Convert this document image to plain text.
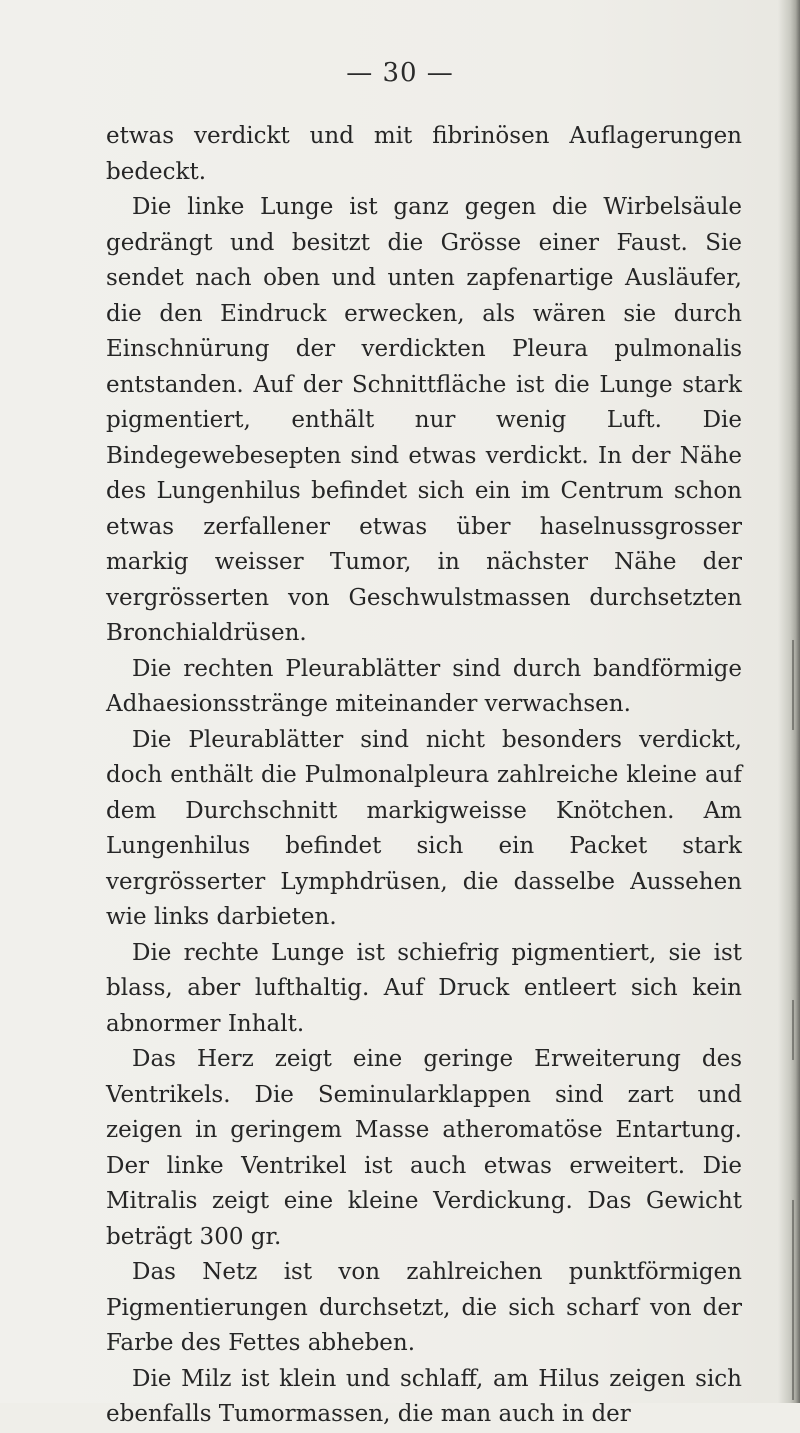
— 30 —

etwas verdickt und mit fibrinösen Auflagerungen bedeckt.

Die linke Lunge ist ganz gegen die Wirbelsäule gedrängt und besitzt die Grösse einer Faust. Sie sendet nach oben und unten zapfenartige Ausläufer, die den Eindruck erwecken, als wären sie durch Einschnürung der verdickten Pleura pulmonalis entstanden. Auf der Schnittfläche ist die Lunge stark pigmentiert, enthält nur wenig Luft. Die Bindegewebesepten sind etwas verdickt. In der Nähe des Lungenhilus befindet sich ein im Centrum schon etwas zerfallener etwas über haselnussgrosser markig weisser Tumor, in nächster Nähe der vergrösserten von Geschwulstmassen durchsetzten Bronchialdrüsen.

Die rechten Pleurablätter sind durch bandförmige Adhaesionsstränge miteinander verwachsen.

Die Pleurablätter sind nicht besonders verdickt, doch enthält die Pulmonalpleura zahlreiche kleine auf dem Durchschnitt markigweisse Knötchen. Am Lungenhilus befindet sich ein Packet stark vergrösserter Lymphdrüsen, die dasselbe Aussehen wie links darbieten.

Die rechte Lunge ist schiefrig pigmentiert, sie ist blass, aber lufthaltig. Auf Druck entleert sich kein abnormer Inhalt.

Das Herz zeigt eine geringe Erweiterung des Ventrikels. Die Seminularklappen sind zart und zeigen in geringem Masse atheromatöse Entartung. Der linke Ventrikel ist auch etwas erweitert. Die Mitralis zeigt eine kleine Verdickung. Das Gewicht beträgt 300 gr.

Das Netz ist von zahlreichen punktförmigen Pigmentierungen durchsetzt, die sich scharf von der Farbe des Fettes abheben.

Die Milz ist klein und schlaff, am Hilus zeigen sich ebenfalls Tumormassen, die man auch in der
